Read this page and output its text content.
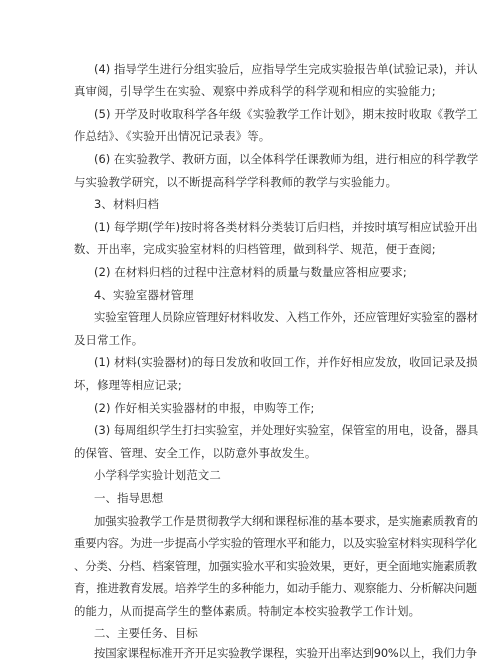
(4) 指导学生进行分组实验后，应指导学生完成实验报告单(试验记录)，并认
真审阅，引导学生在实验、观察中养成科学的科学观和相应的实验能力;
(5) 开学及时收取科学各年级《实验教学工作计划》，期末按时收取《教学工
作总结》、《实验开出情况记录表》等。
(6) 在实验教学、教研方面，以全体科学任课教师为组，进行相应的科学教学
与实验教学研究，以不断提高科学学科教师的教学与实验能力。
3、材料归档
(1) 每学期(学年)按时将各类材料分类装订后归档，并按时填写相应试验开出
数、开出率，完成实验室材料的归档管理，做到科学、规范，便于查阅;
(2) 在材料归档的过程中注意材料的质量与数量应答相应要求;
4、实验室器材管理
实验室管理人员除应管理好材料收发、入档工作外，还应管理好实验室的器材
及日常工作。
(1) 材料(实验器材)的每日发放和收回工作，并作好相应发放，收回记录及损
坏，修理等相应记录;
(2) 作好相关实验器材的申报，申购等工作;
(3) 每周组织学生打扫实验室，并处理好实验室，保管室的用电，设备，器具
的保管、管理、安全工作，以防意外事故发生。
小学科学实验计划范文二
一、指导思想
加强实验教学工作是贯彻教学大纲和课程标准的基本要求，是实施素质教育的
重要内容。为进一步提高小学实验的管理水平和能力，以及实验室材料实现科学化
、分类、分档、档案管理，加强实验水平和实验效果，更好，更全面地实施素质教
育，推进教育发展。培养学生的多种能力，如动手能力、观察能力、分析解决问题
的能力，从而提高学生的整体素质。特制定本校实验教学工作计划。
二、主要任务、目标
按国家课程标准开齐开足实验教学课程，实验开出率达到90%以上，我们力争
